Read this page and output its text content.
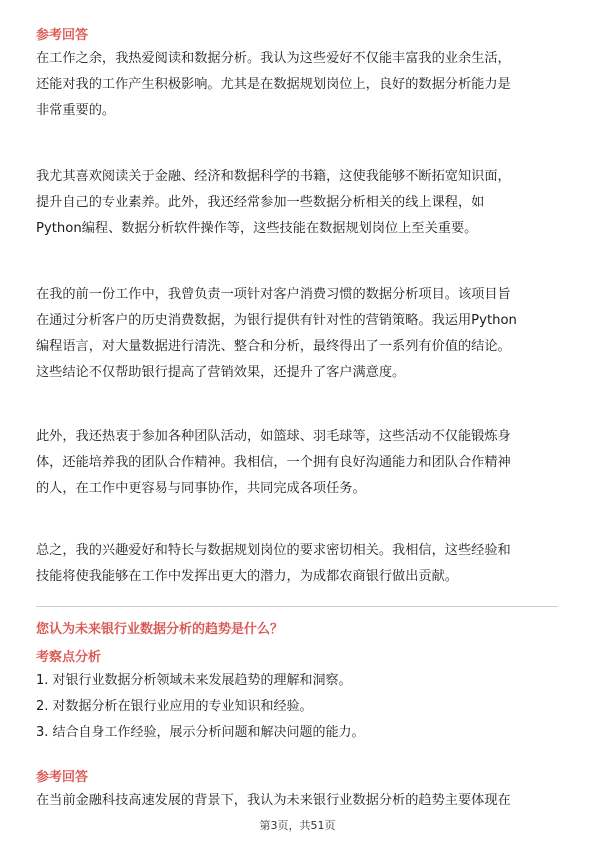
参考回答
在工作之余，我热爱阅读和数据分析。我认为这些爱好不仅能丰富我的业余生活，
还能对我的工作产生积极影响。尤其是在数据规划岗位上，良好的数据分析能力是
非常重要的。
我尤其喜欢阅读关于金融、经济和数据科学的书籍，这使我能够不断拓宽知识面，
提升自己的专业素养。此外，我还经常参加一些数据分析相关的线上课程，如
Python编程、数据分析软件操作等，这些技能在数据规划岗位上至关重要。
在我的前一份工作中，我曾负责一项针对客户消费习惯的数据分析项目。该项目旨
在通过分析客户的历史消费数据，为银行提供有针对性的营销策略。我运用Python
编程语言，对大量数据进行清洗、整合和分析，最终得出了一系列有价值的结论。
这些结论不仅帮助银行提高了营销效果，还提升了客户满意度。
此外，我还热衷于参加各种团队活动，如篮球、羽毛球等，这些活动不仅能锻炼身
体，还能培养我的团队合作精神。我相信，一个拥有良好沟通能力和团队合作精神
的人，在工作中更容易与同事协作，共同完成各项任务。
总之，我的兴趣爱好和特长与数据规划岗位的要求密切相关。我相信，这些经验和
技能将使我能够在工作中发挥出更大的潜力，为成都农商银行做出贡献。
您认为未来银行业数据分析的趋势是什么？
考察点分析
1. 对银行业数据分析领域未来发展趋势的理解和洞察。
2. 对数据分析在银行业应用的专业知识和经验。
3. 结合自身工作经验，展示分析问题和解决问题的能力。
参考回答
在当前金融科技高速发展的背景下，我认为未来银行业数据分析的趋势主要体现在
第3页，共51页
